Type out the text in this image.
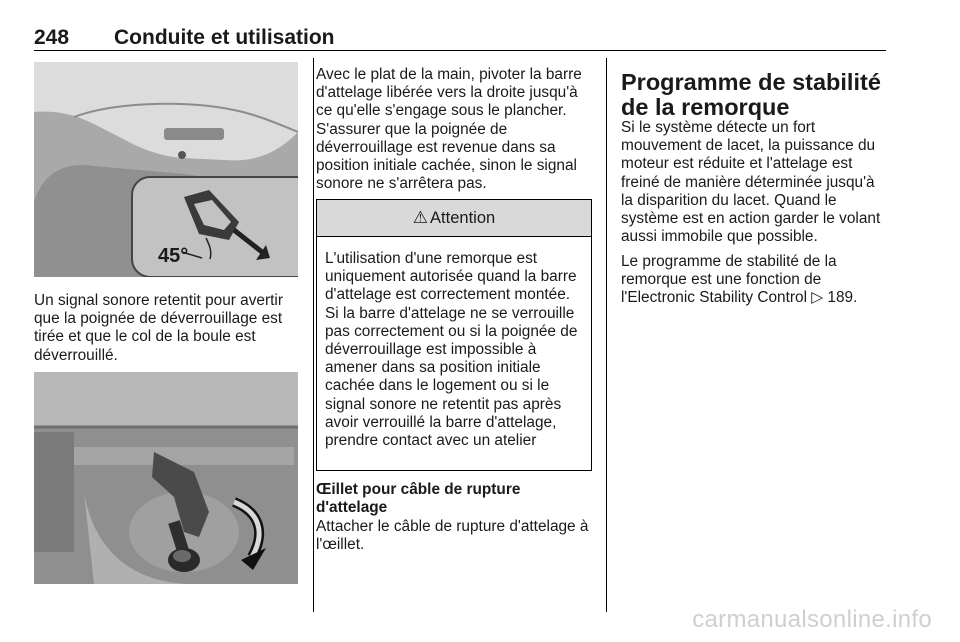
248 Conduite et utilisation
45°
Un signal sonore retentit pour avertir que la poignée de déverrouillage est tirée et que le col de la boule est déverrouillé.
Avec le plat de la main, pivoter la barre d'attelage libérée vers la droite jusqu'à ce qu'elle s'engage sous le plancher. S'assurer que la poignée de déverrouillage est revenue dans sa position initiale cachée, sinon le signal sonore ne s'arrêtera pas.
⚠ Attention
L'utilisation d'une remorque est uniquement autorisée quand la barre d'attelage est correctement montée. Si la barre d'attelage ne se verrouille pas correctement ou si la poignée de déverrouillage est impossible à amener dans sa position initiale cachée dans le logement ou si le signal sonore ne retentit pas après avoir verrouillé la barre d'attelage, prendre contact avec un atelier
Œillet pour câble de rupture d'attelage
Attacher le câble de rupture d'attelage à l'œillet.
Programme de stabilité de la remorque
Si le système détecte un fort mouvement de lacet, la puissance du moteur est réduite et l'attelage est freiné de manière déterminée jusqu'à la disparition du lacet. Quand le système est en action garder le volant aussi immobile que possible.
Le programme de stabilité de la remorque est une fonction de l'Electronic Stability Control ▷ 189.
carmanualsonline.info
